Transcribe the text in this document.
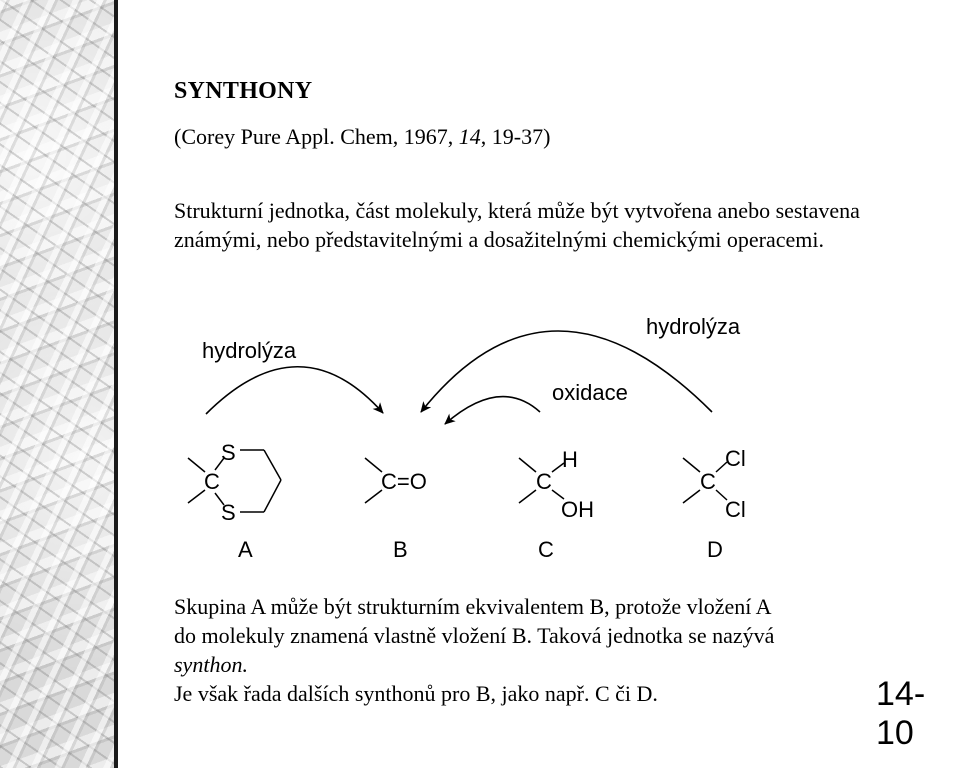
SYNTHONY
(Corey Pure Appl. Chem, 1967, 14, 19-37)
Strukturní jednotka, část molekuly, která může být vytvořena anebo sestavena známými, nebo představitelnými a dosažitelnými chemickými operacemi.
hydrolýza
hydrolýza
oxidace
S
C
S
C=O
H
C
OH
Cl
C
Cl
A	B	C	D
Skupina A může být strukturním ekvivalentem B, protože vložení A
do molekuly znamená vlastně vložení B. Taková jednotka se nazývá
synthon.
Je však řada dalších synthonů pro B, jako např. C či D.	14-10
